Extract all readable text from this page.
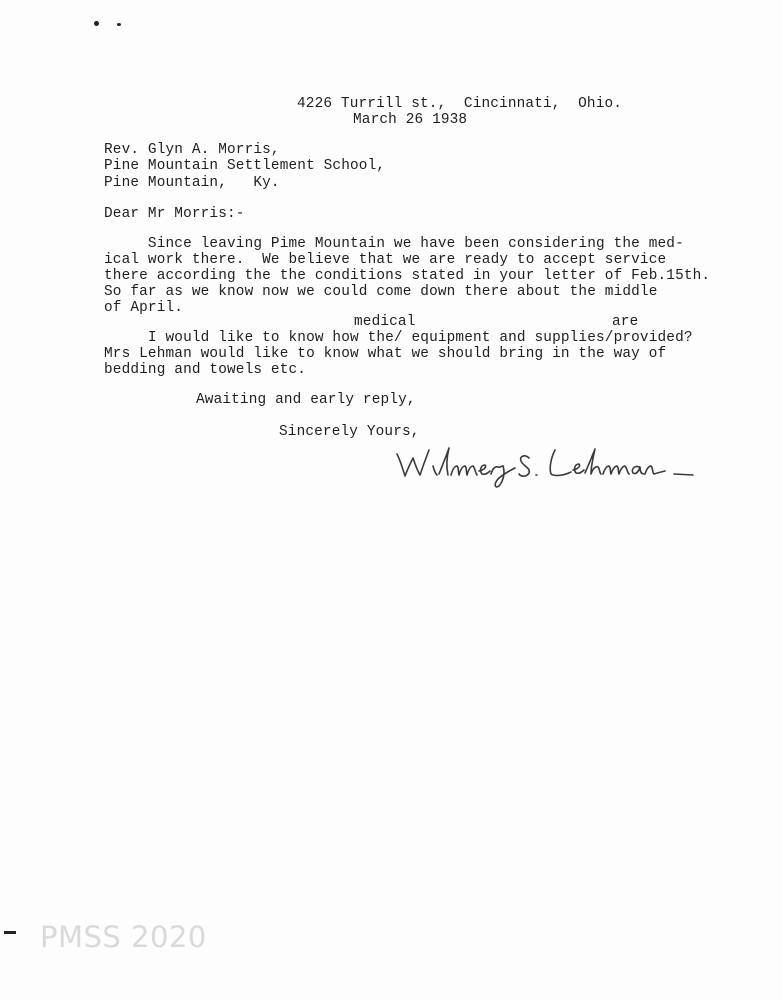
4226 Turrill st.,  Cincinnati,  Ohio.
March 26 1938
Rev. Glyn A. Morris,
Pine Mountain Settlement School,
Pine Mountain,   Ky.
Dear Mr Morris:-
Since leaving Pime Mountain we have been considering the med-
ical work there.  We believe that we are ready to accept service
there according the the conditions stated in your letter of Feb.15th.
So far as we know now we could come down there about the middle
of April.
medical	are
I would like to know how the/ equipment and supplies/provided?
Mrs Lehman would like to know what we should bring in the way of
bedding and towels etc.
Awaiting and early reply,
Sincerely Yours,
PMSS 2020
